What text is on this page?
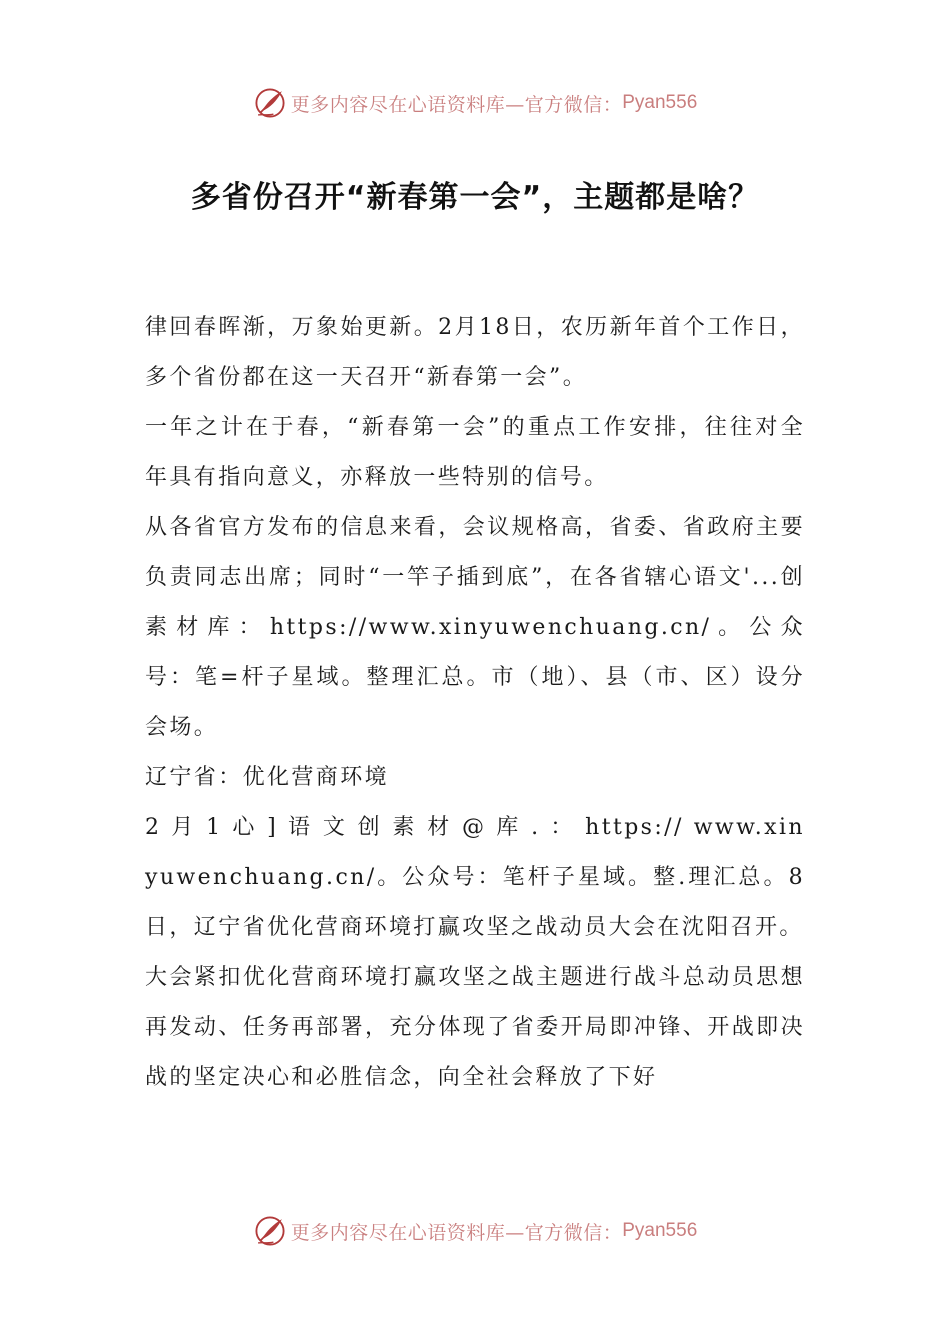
更多内容尽在心语资料库—官方微信： Pyan556
多省份召开“新春第一会”，主题都是啥？

律回春晖渐，万象始更新。2月18日，农历新年首个工作日，多个省份都在这一天召开“新春第一会”。

一年之计在于春，“新春第一会”的重点工作安排，往往对全年具有指向意义，亦释放一些特别的信号。

从各省官方发布的信息来看，会议规格高，省委、省政府主要负责同志出席；同时“一竿子插到底”，在各省辖心语文'...创素材库：https://www.xinyuwenchuang.cn/。公众号：笔=杆子星域。整理汇总。市（地）、县（市、区）设分会场。

辽宁省：优化营商环境

2 月 1 心 ] 语 文 创 素 材 @ 库 . ： https:// www.xinyuwenchuang.cn/。公众号：笔杆子星域。整.理汇总。8日，辽宁省优化营商环境打赢攻坚之战动员大会在沈阳召开。

大会紧扣优化营商环境打赢攻坚之战主题进行战斗总动员思想再发动、任务再部署，充分体现了省委开局即冲锋、开战即决战的坚定决心和必胜信念，向全社会释放了下好

更多内容尽在心语资料库—官方微信： Pyan556
